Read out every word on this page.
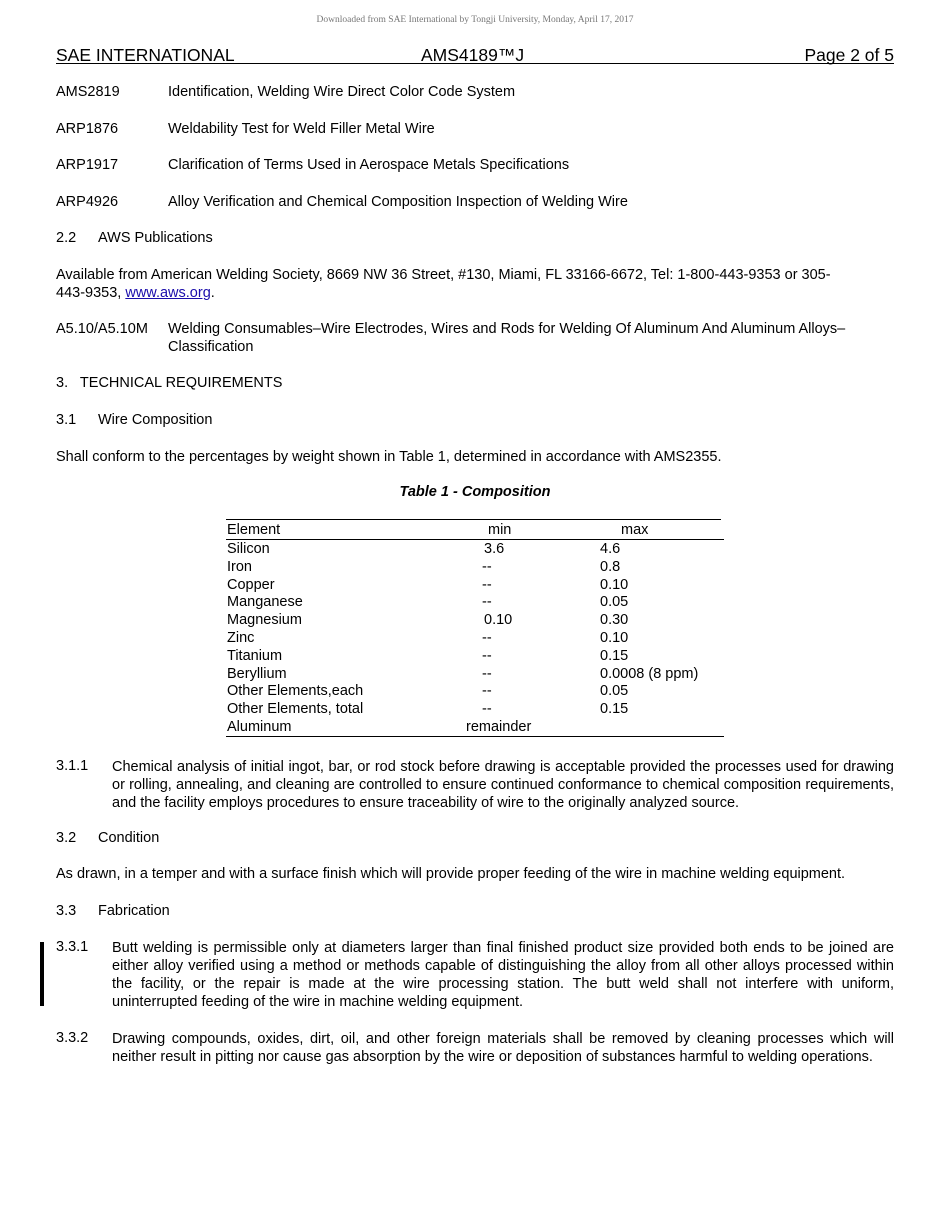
Downloaded from SAE International by Tongji University, Monday, April 17, 2017
SAE INTERNATIONAL	AMS4189™J	Page 2 of 5
AMS2819	Identification, Welding Wire Direct Color Code System
ARP1876	Weldability Test for Weld Filler Metal Wire
ARP1917	Clarification of Terms Used in Aerospace Metals Specifications
ARP4926	Alloy Verification and Chemical Composition Inspection of Welding Wire
2.2 AWS Publications
Available from American Welding Society, 8669 NW 36 Street, #130, Miami, FL 33166-6672, Tel: 1-800-443-9353 or 305-
443-9353, www.aws.org.
A5.10/A5.10M Welding Consumables–Wire Electrodes, Wires and Rods for Welding Of Aluminum And Aluminum Alloys–
Classification
3.   TECHNICAL REQUIREMENTS
3.1 Wire Composition
Shall conform to the percentages by weight shown in Table 1, determined in accordance with AMS2355.
Table 1 - Composition
Element	min	max
Silicon	3.6	4.6
Iron	--	0.8
Copper	--	0.10
Manganese	--	0.05
Magnesium	0.10	0.30
Zinc	--	0.10
Titanium	--	0.15
Beryllium	--	0.0008 (8 ppm)
Other Elements,each	--	0.05
Other Elements, total	--	0.15
Aluminum	remainder
3.1.1 Chemical analysis of initial ingot, bar, or rod stock before drawing is acceptable provided the processes used for drawing or rolling, annealing, and cleaning are controlled to ensure continued conformance to chemical composition requirements, and the facility employs procedures to ensure traceability of wire to the originally analyzed source.
3.2 Condition
As drawn, in a temper and with a surface finish which will provide proper feeding of the wire in machine welding equipment.
3.3 Fabrication
3.3.1 Butt welding is permissible only at diameters larger than final finished product size provided both ends to be joined are either alloy verified using a method or methods capable of distinguishing the alloy from all other alloys processed within the facility, or the repair is made at the wire processing station. The butt weld shall not interfere with uniform, uninterrupted feeding of the wire in machine welding equipment.
3.3.2 Drawing compounds, oxides, dirt, oil, and other foreign materials shall be removed by cleaning processes which will neither result in pitting nor cause gas absorption by the wire or deposition of substances harmful to welding operations.
